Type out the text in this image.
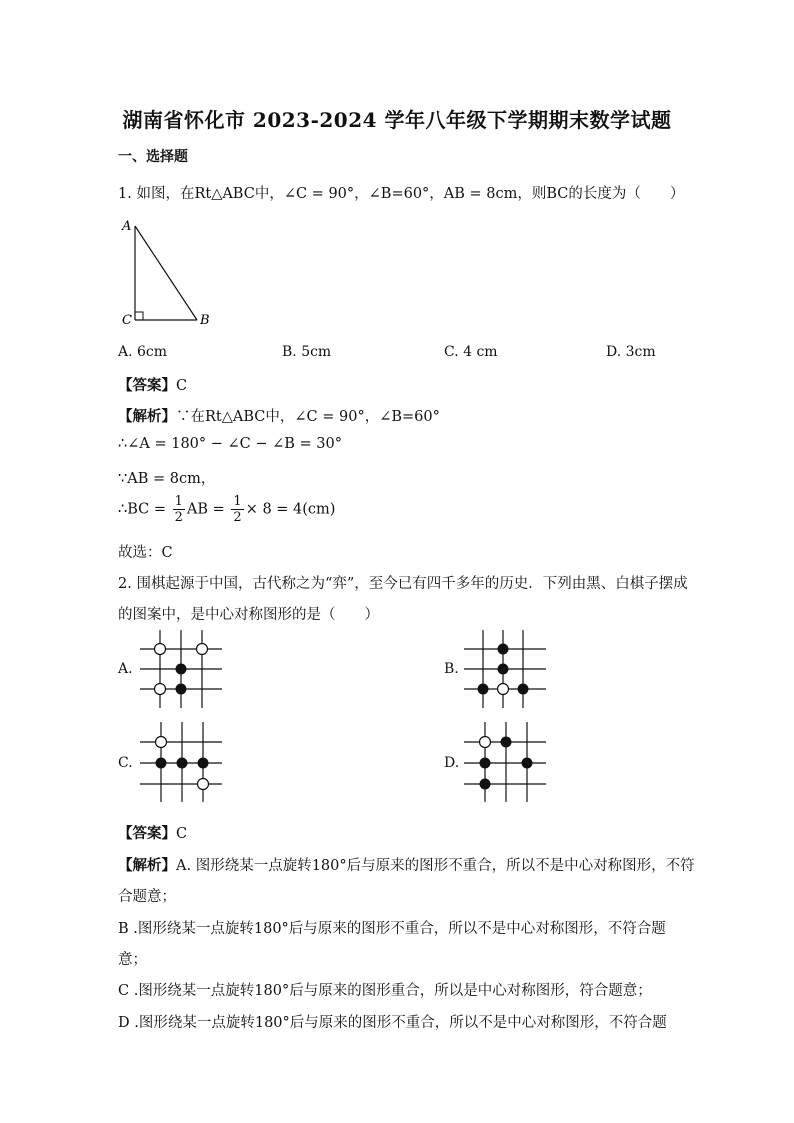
湖南省怀化市 2023-2024 学年八年级下学期期末数学试题
一、选择题
1. 如图，在Rt△ABC中，∠C = 90°，∠B=60°，AB = 8cm，则BC的长度为（　　）
A
C	B
A. 6cm	B. 5cm	C. 4 cm	D. 3cm
【答案】C
【解析】∵在Rt△ABC中，∠C = 90°，∠B=60°
∴∠A = 180° − ∠C − ∠B = 30°
∵AB = 8cm，
∴BC = $\frac{1}{2}$ AB = $\frac{1}{2} \times 8 = 4(cm)$
故选：C
2. 围棋起源于中国，古代称之为“弈”，至今已有四千多年的历史．下列由黑、白棋子摆成
的图案中，是中心对称图形的是（　　）
A.	B.
C.	D.
【答案】C
【解析】A. 图形绕某一点旋转180°后与原来的图形不重合，所以不是中心对称图形，不符
合题意；
B .图形绕某一点旋转180°后与原来的图形不重合，所以不是中心对称图形，不符合题
意；
C .图形绕某一点旋转180°后与原来的图形重合，所以是中心对称图形，符合题意；
D .图形绕某一点旋转180°后与原来的图形不重合，所以不是中心对称图形，不符合题
